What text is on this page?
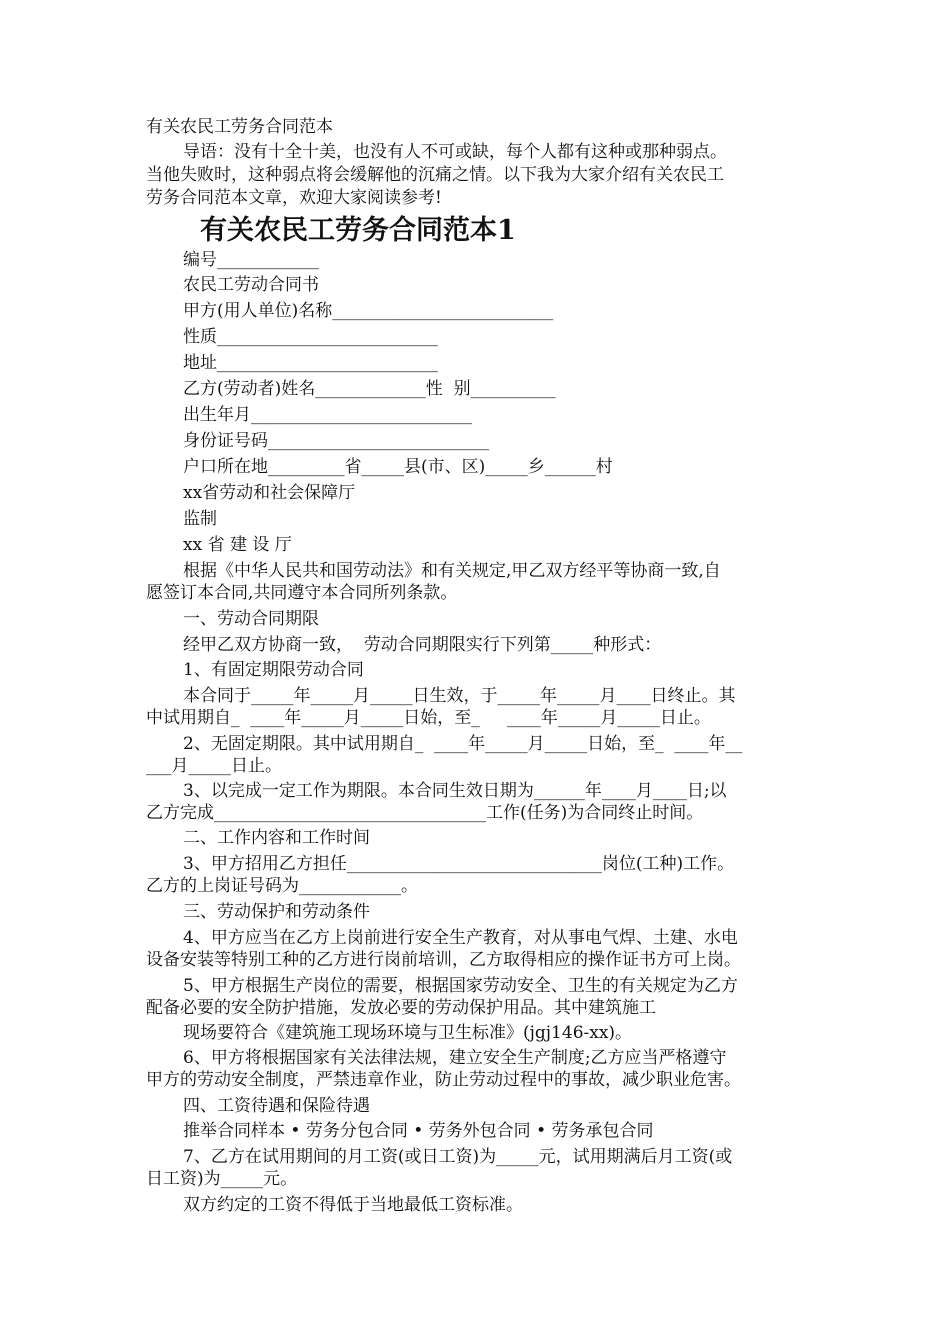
有关农民工劳务合同范本
导语：没有十全十美，也没有人不可或缺，每个人都有这种或那种弱点。
当他失败时，这种弱点将会缓解他的沉痛之情。以下我为大家介绍有关农民工
劳务合同范本文章，欢迎大家阅读参考!
有关农民工劳务合同范本1
编号____________
农民工劳动合同书
甲方(用人单位)名称__________________________
性质__________________________
地址__________________________
乙方(劳动者)姓名_____________性  别__________
出生年月__________________________
身份证号码__________________________
户口所在地_________省_____县(市、区)_____乡______村
xx省劳动和社会保障厅
监制
xx 省 建 设 厅
根据《中华人民共和国劳动法》和有关规定,甲乙双方经平等协商一致,自
愿签订本合同,共同遵守本合同所列条款。
一、劳动合同期限
经甲乙双方协商一致，  劳动合同期限实行下列第_____种形式：
1、有固定期限劳动合同
本合同于_____年_____月_____日生效，于_____年_____月____日终止。其
中试用期自_  ____年_____月_____日始，至_     ____年_____月_____日止。
2、无固定期限。其中试用期自_  ____年_____月_____日始，至_  ____年__
___月_____日止。
3、以完成一定工作为期限。本合同生效日期为______年____月____日;以
乙方完成________________________________工作(任务)为合同终止时间。
二、工作内容和工作时间
3、甲方招用乙方担任______________________________岗位(工种)工作。
乙方的上岗证号码为____________。
三、劳动保护和劳动条件
4、甲方应当在乙方上岗前进行安全生产教育，对从事电气焊、土建、水电
设备安装等特别工种的乙方进行岗前培训，乙方取得相应的操作证书方可上岗。
5、甲方根据生产岗位的需要，根据国家劳动安全、卫生的有关规定为乙方
配备必要的安全防护措施，发放必要的劳动保护用品。其中建筑施工
现场要符合《建筑施工现场环境与卫生标准》(jgj146-xx)。
6、甲方将根据国家有关法律法规，建立安全生产制度;乙方应当严格遵守
甲方的劳动安全制度，严禁违章作业，防止劳动过程中的事故，减少职业危害。
四、工资待遇和保险待遇
推举合同样本 • 劳务分包合同 • 劳务外包合同 • 劳务承包合同
7、乙方在试用期间的月工资(或日工资)为_____元，试用期满后月工资(或
日工资)为_____元。
双方约定的工资不得低于当地最低工资标准。
